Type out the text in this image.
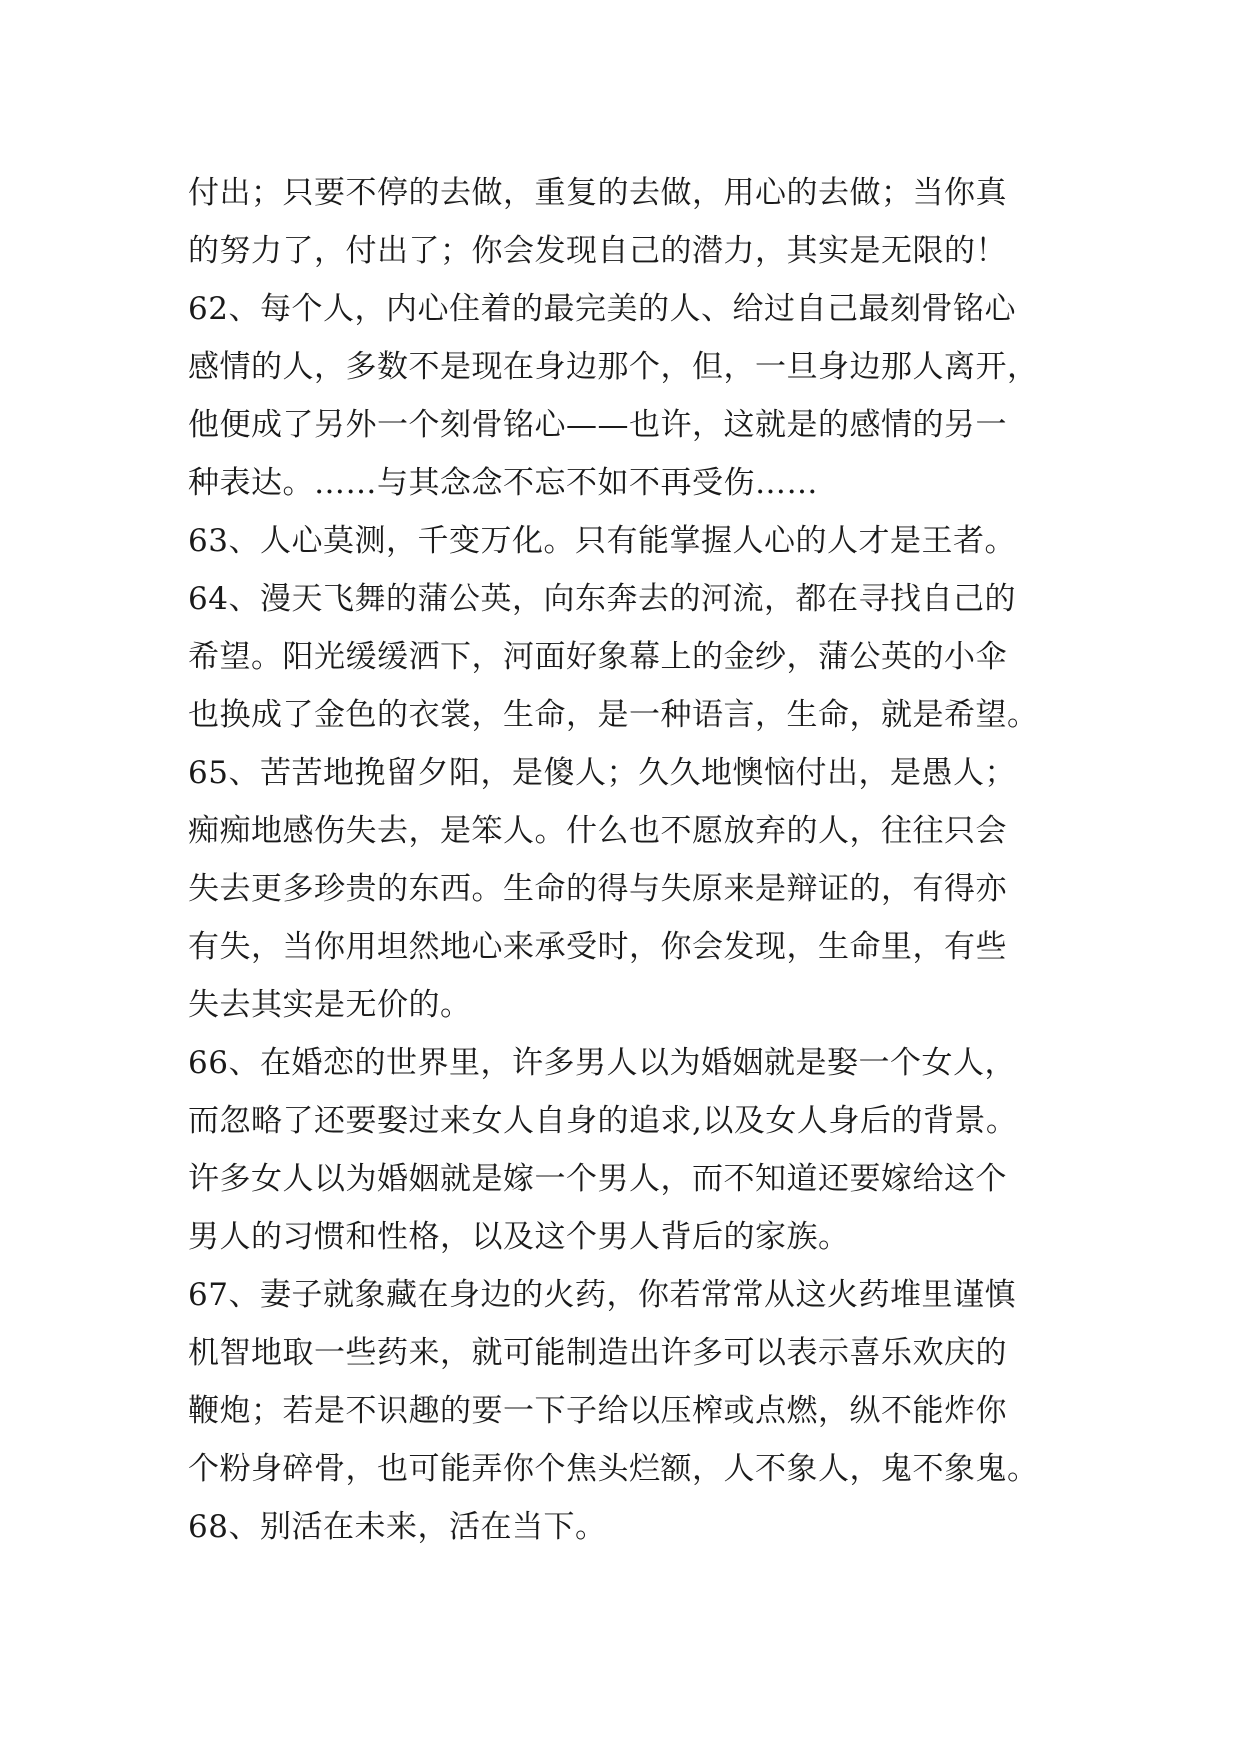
付出；只要不停的去做，重复的去做，用心的去做；当你真
的努力了，付出了；你会发现自己的潜力，其实是无限的！
62、每个人，内心住着的最完美的人、给过自己最刻骨铭心
感情的人，多数不是现在身边那个，但，一旦身边那人离开，
他便成了另外一个刻骨铭心——也许，这就是的感情的另一
种表达。……与其念念不忘不如不再受伤……
63、人心莫测，千变万化。只有能掌握人心的人才是王者。
64、漫天飞舞的蒲公英，向东奔去的河流，都在寻找自己的
希望。阳光缓缓洒下，河面好象幕上的金纱，蒲公英的小伞
也换成了金色的衣裳，生命，是一种语言，生命，就是希望。
65、苦苦地挽留夕阳，是傻人；久久地懊恼付出，是愚人；
痴痴地感伤失去，是笨人。什么也不愿放弃的人，往往只会
失去更多珍贵的东西。生命的得与失原来是辩证的，有得亦
有失，当你用坦然地心来承受时，你会发现，生命里，有些
失去其实是无价的。
66、在婚恋的世界里，许多男人以为婚姻就是娶一个女人，
而忽略了还要娶过来女人自身的追求,以及女人身后的背景。
许多女人以为婚姻就是嫁一个男人，而不知道还要嫁给这个
男人的习惯和性格，以及这个男人背后的家族。
67、妻子就象藏在身边的火药，你若常常从这火药堆里谨慎
机智地取一些药来，就可能制造出许多可以表示喜乐欢庆的
鞭炮；若是不识趣的要一下子给以压榨或点燃，纵不能炸你
个粉身碎骨，也可能弄你个焦头烂额，人不象人，鬼不象鬼。
68、别活在未来，活在当下。
